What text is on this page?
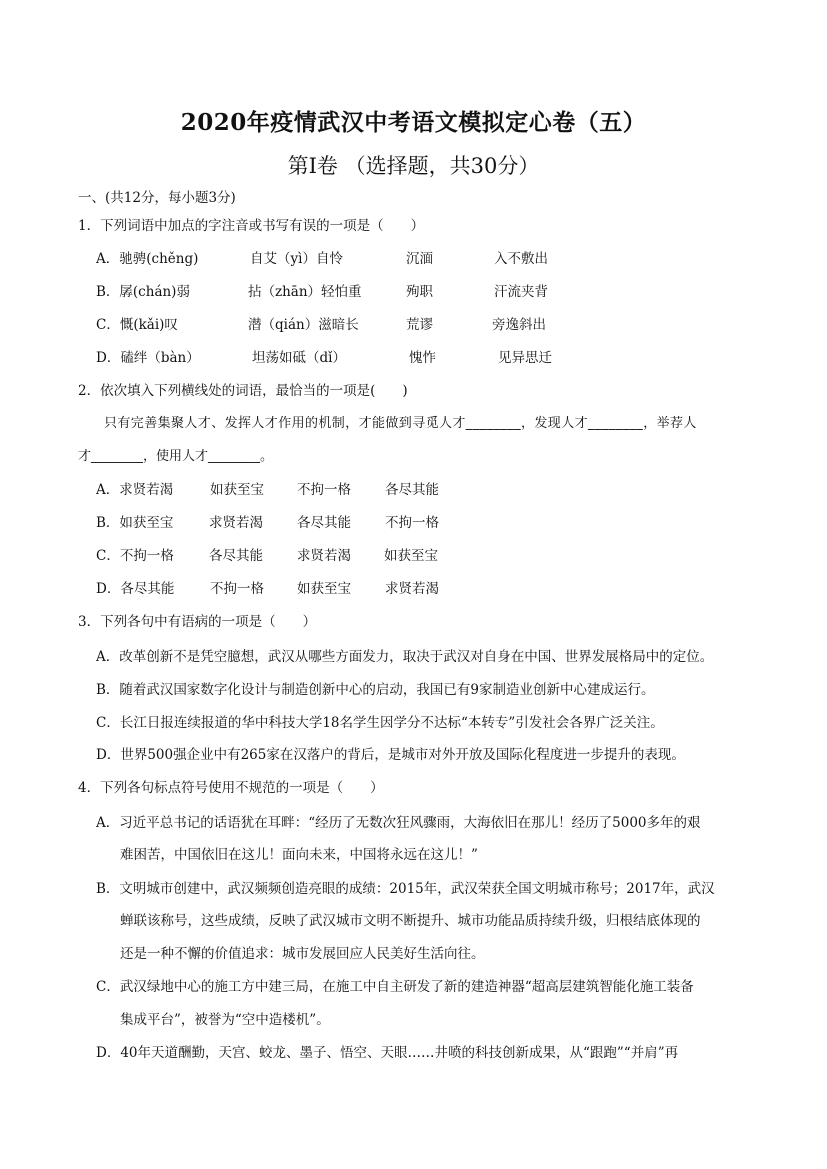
2020年疫情武汉中考语文模拟定心卷（五）
第Ⅰ卷 （选择题，共30分）
一、(共12分，每小题3分)
1．下列词语中加点的字注音或书写有误的一项是（　　）
A．驰骋(chěng)	自艾（yì）自怜	沉湎	入不敷出
B．孱(chán)弱	拈（zhān）轻怕重	殉职	汗流夹背
C．慨(kǎi)叹	潜（qián）滋暗长	荒谬	旁逸斜出
D．磕绊（bàn）	坦荡如砥（dǐ）	愧怍	见异思迁
2．依次填入下列横线处的词语，最恰当的一项是(　　)
只有完善集聚人才、发挥人才作用的机制，才能做到寻觅人才________，发现人才________，举荐人
才________，使用人才________。
A．求贤若渴	如获至宝 不拘一格	各尽其能
B．如获至宝	求贤若渴	各尽其能	不拘一格
C．不拘一格	各尽其能	求贤若渴 如获至宝
D．各尽其能	不拘一格 如获至宝	求贤若渴
3．下列各句中有语病的一项是（　　）
A．改革创新不是凭空臆想，武汉从哪些方面发力，取决于武汉对自身在中国、世界发展格局中的定位。
B．随着武汉国家数字化设计与制造创新中心的启动，我国已有9家制造业创新中心建成运行。
C．长江日报连续报道的华中科技大学18名学生因学分不达标“本转专”引发社会各界广泛关注。
D．世界500强企业中有265家在汉落户的背后，是城市对外开放及国际化程度进一步提升的表现。
4．下列各句标点符号使用不规范的一项是（　　）
A．习近平总书记的话语犹在耳畔：“经历了无数次狂风骤雨，大海依旧在那儿！经历了5000多年的艰
难困苦，中国依旧在这儿！面向未来，中国将永远在这儿！”
B．文明城市创建中，武汉频频创造亮眼的成绩：2015年，武汉荣获全国文明城市称号；2017年，武汉
蝉联该称号，这些成绩，反映了武汉城市文明不断提升、城市功能品质持续升级，归根结底体现的
还是一种不懈的价值追求：城市发展回应人民美好生活向往。
C．武汉绿地中心的施工方中建三局，在施工中自主研发了新的建造神器“超高层建筑智能化施工装备
集成平台”，被誉为“空中造楼机”。
D．40年天道酬勤，天宫、蛟龙、墨子、悟空、天眼……井喷的科技创新成果，从“跟跑”“并肩”再
